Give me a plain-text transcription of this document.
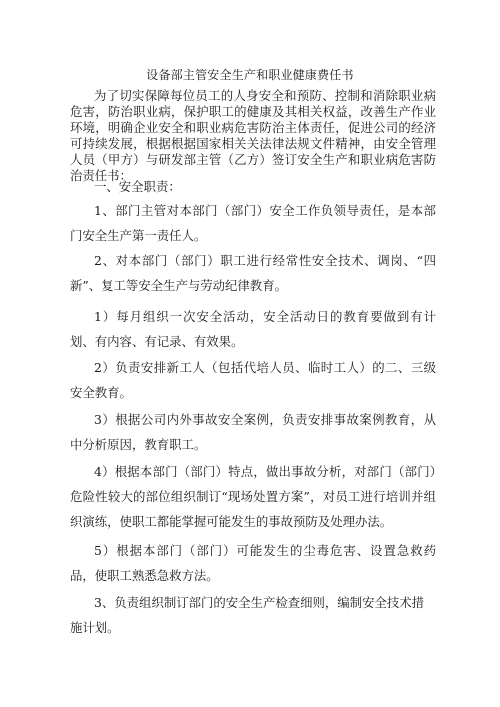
设备部主管安全生产和职业健康费任书

为了切实保障每位员工的人身安全和预防、控制和消除职业病危害，防治职业病，保护职工的健康及其相关权益，改善生产作业环境，明确企业安全和职业病危害防治主体责任，促进公司的经济可持续发展，根据根据国家相关关法律法规文件精神，由安全管理人员（甲方）与研发部主管（乙方）签订安全生产和职业病危害防治责任书：

一、安全职责：

1、部门主管对本部门（部门）安全工作负领导责任，是本部门安全生产第一责任人。

2、对本部门（部门）职工进行经常性安全技术、调岗、“四新”、复工等安全生产与劳动纪律教育。

1）每月组织一次安全活动，安全活动日的教育要做到有计划、有内容、有记录、有效果。

2）负责安排新工人（包括代培人员、临时工人）的二、三级安全教育。

3）根据公司内外事故安全案例，负责安排事故案例教育，从中分析原因，教育职工。

4）根据本部门（部门）特点，做出事故分析，对部门（部门）危险性较大的部位组织制订“现场处置方案”，对员工进行培训并组织演练，使职工都能掌握可能发生的事故预防及处理办法。

5）根据本部门（部门）可能发生的尘毒危害、设置急救药品，使职工熟悉急救方法。

3、负责组织制订部门的安全生产检查细则，编制安全技术措施计划。
